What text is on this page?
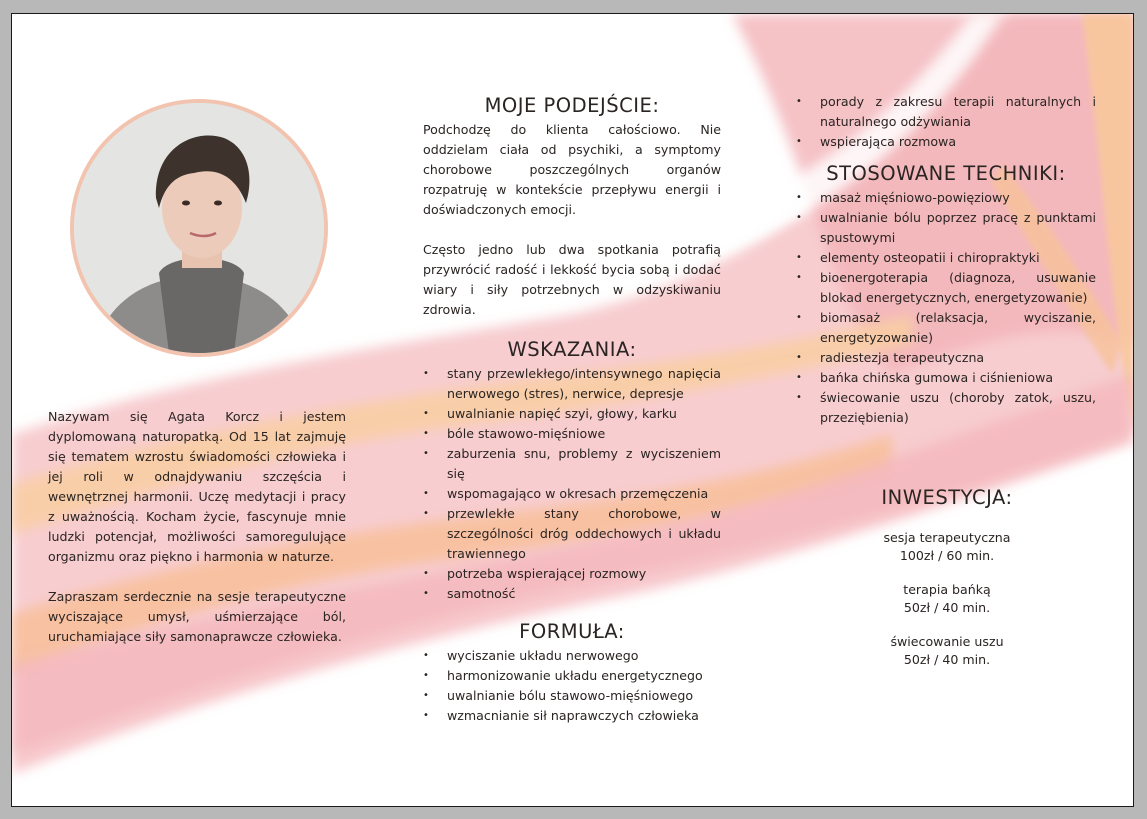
Nazywam się Agata Korcz i jestem dyplomowaną naturopatką. Od 15 lat zajmuję się tematem wzrostu świadomości człowieka i jej roli w odnajdywaniu szczęścia i wewnętrznej harmonii. Uczę medytacji i pracy z uważnością. Kocham życie, fascynuje mnie ludzki potencjał, możliwości samoregulujące organizmu oraz piękno i harmonia w naturze.

Zapraszam serdecznie na sesje terapeutyczne wyciszające umysł, uśmierzające ból, uruchamiające siły samonaprawcze człowieka.

MOJE PODEJŚCIE:

Podchodzę do klienta całościowo. Nie oddzielam ciała od psychiki, a symptomy chorobowe poszczególnych organów rozpatruję w kontekście przepływu energii i doświadczonych emocji.

Często jedno lub dwa spotkania potrafią przywrócić radość i lekkość bycia sobą i dodać wiary i siły potrzebnych w odzyskiwaniu zdrowia.

WSKAZANIA:
• stany przewlekłego/intensywnego napięcia nerwowego (stres), nerwice, depresje
• uwalnianie napięć szyi, głowy, karku
• bóle stawowo-mięśniowe
• zaburzenia snu, problemy z wyciszeniem się
• wspomagająco w okresach przemęczenia
• przewlekłe stany chorobowe, w szczególności dróg oddechowych i układu trawiennego
• potrzeba wspierającej rozmowy
• samotność
FORMUŁA:
• wyciszanie układu nerwowego
• harmonizowanie układu energetycznego
• uwalnianie bólu stawowo-mięśniowego
• wzmacnianie sił naprawczych człowieka
• porady z zakresu terapii naturalnych i naturalnego odżywiania
• wspierająca rozmowa
STOSOWANE TECHNIKI:
• masaż mięśniowo-powięziowy
• uwalnianie bólu poprzez pracę z punktami spustowymi
• elementy osteopatii i chiropraktyki
• bioenergoterapia (diagnoza, usuwanie blokad energetycznych, energetyzowanie)
• biomasaż (relaksacja, wyciszanie, energetyzowanie)
• radiestezja terapeutyczna
• bańka chińska gumowa i ciśnieniowa
• świecowanie uszu (choroby zatok, uszu, przeziębienia)
INWESTYCJA:
sesja terapeutyczna
100zł / 60 min.
terapia bańką
50zł / 40 min.
świecowanie uszu
50zł / 40 min.
